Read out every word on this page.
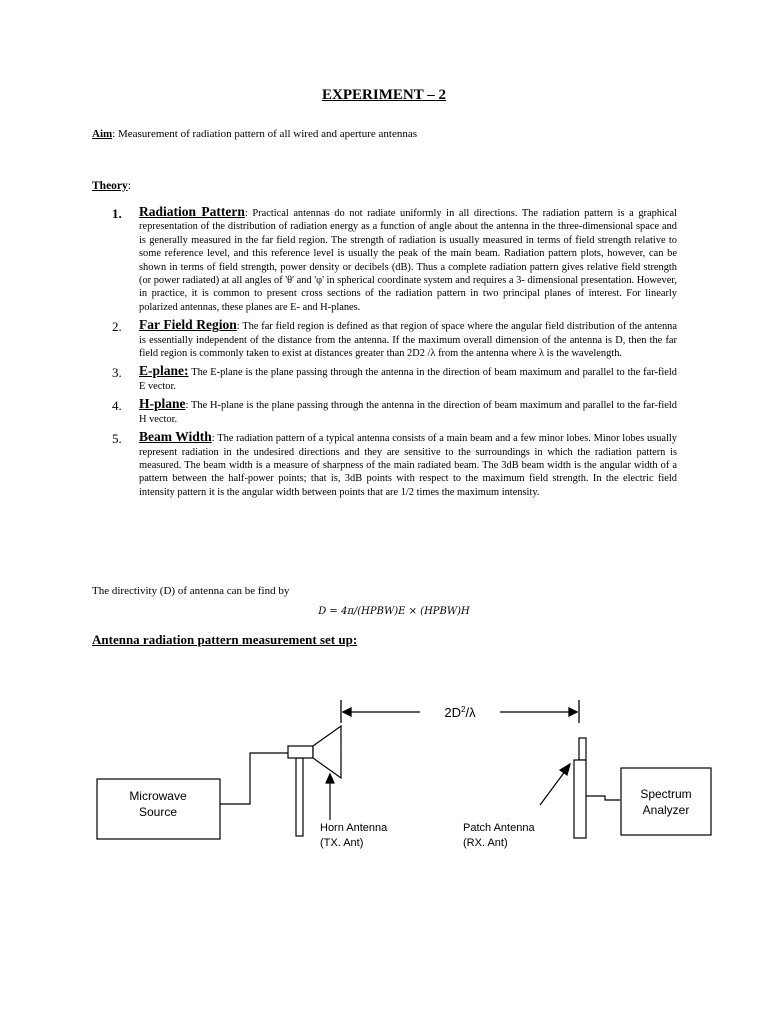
EXPERIMENT – 2
Aim: Measurement of radiation pattern of all wired and aperture antennas
Theory:
1.	Radiation Pattern: Practical antennas do not radiate uniformly in all directions. The radiation pattern is a graphical representation of the distribution of radiation energy as a function of angle about the antenna in the three-dimensional space and is generally measured in the far field region. The strength of radiation is usually measured in terms of field strength relative to some reference level, and this reference level is usually the peak of the main beam. Radiation pattern plots, however, can be shown in terms of field strength, power density or decibels (dB). Thus a complete radiation pattern gives relative field strength (or power radiated) at all angles of 'θ' and 'φ' in spherical coordinate system and requires a 3- dimensional presentation. However, in practice, it is common to present cross sections of the radiation pattern in two principal planes of interest. For linearly polarized antennas, these planes are E- and H-planes.
2.	Far Field Region: The far field region is defined as that region of space where the angular field distribution of the antenna is essentially independent of the distance from the antenna. If the maximum overall dimension of the antenna is D, then the far field region is commonly taken to exist at distances greater than 2D2 /λ from the antenna where λ is the wavelength.
3.	E-plane: The E-plane is the plane passing through the antenna in the direction of beam maximum and parallel to the far-field E vector.
4.	H-plane: The H-plane is the plane passing through the antenna in the direction of beam maximum and parallel to the far-field H vector.
5.	Beam Width: The radiation pattern of a typical antenna consists of a main beam and a few minor lobes. Minor lobes usually represent radiation in the undesired directions and they are sensitive to the surroundings in which the radiation pattern is measured. The beam width is a measure of sharpness of the main radiated beam. The 3dB beam width is the angular width of a pattern between the half-power points; that is, 3dB points with respect to the maximum field strength. In the electric field intensity pattern it is the angular width between points that are 1/2 times the maximum intensity.
The directivity (D) of antenna can be find by
D = 4π/(HPBW)E × (HPBW)H
Antenna radiation pattern measurement set up:
$2D^2/\lambda$
Microwave
Source
Horn Antenna
(TX. Ant)
Patch Antenna
(RX. Ant)
Spectrum
Analyzer
